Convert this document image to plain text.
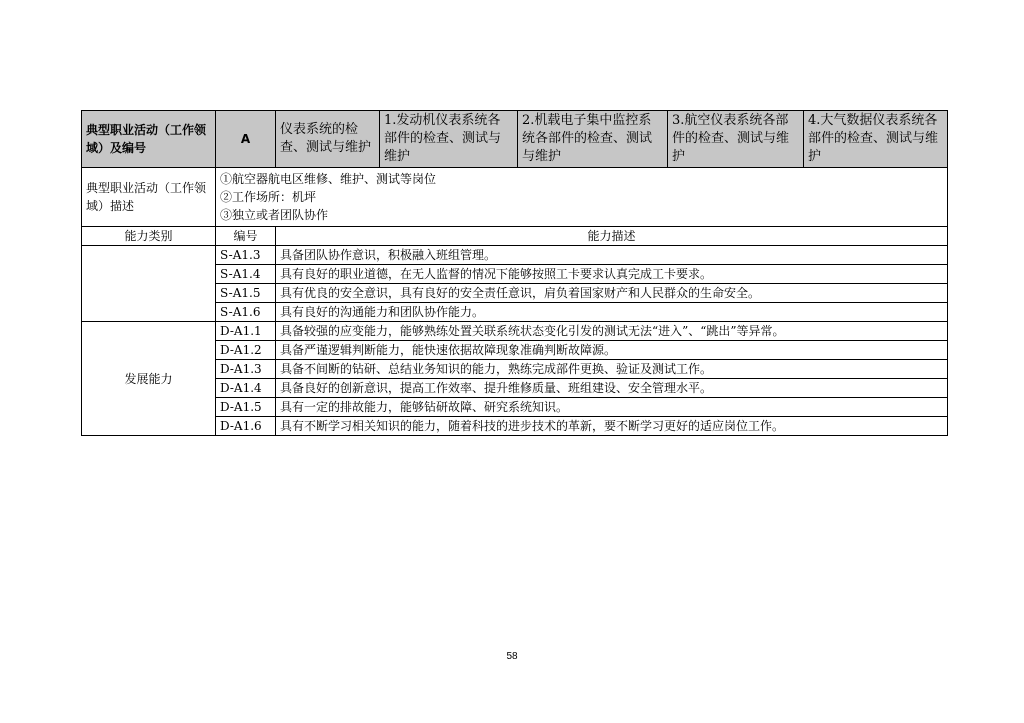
典型职业活动（工作领域）及编号	A	仪表系统的检查、测试与维护	1.发动机仪表系统各部件的检查、测试与维护	2.机载电子集中监控系统各部件的检查、测试与维护	3.航空仪表系统各部件的检查、测试与维护	4.大气数据仪表系统各部件的检查、测试与维护
典型职业活动（工作领域）描述	①航空器航电区维修、维护、测试等岗位
②工作场所：机坪
③独立或者团队协作					

能力类别	编号	能力描述				
	S-A1.3	具备团队协作意识，积极融入班组管理。				
	S-A1.4	具有良好的职业道德，在无人监督的情况下能够按照工卡要求认真完成工卡要求。				
	S-A1.5	具有优良的安全意识，具有良好的安全责任意识，肩负着国家财产和人民群众的生命安全。				
	S-A1.6	具有良好的沟通能力和团队协作能力。				
发展能力	D-A1.1	具备较强的应变能力，能够熟练处置关联系统状态变化引发的测试无法“进入”、“跳出”等异常。				
	D-A1.2	具备严谨逻辑判断能力，能快速依据故障现象准确判断故障源。				
	D-A1.3	具备不间断的钻研、总结业务知识的能力，熟练完成部件更换、验证及测试工作。				
	D-A1.4	具备良好的创新意识，提高工作效率、提升维修质量、班组建设、安全管理水平。				
	D-A1.5	具有一定的排故能力，能够钻研故障、研究系统知识。				
	D-A1.6	具有不断学习相关知识的能力，随着科技的进步技术的革新，要不断学习更好的适应岗位工作。				
58
